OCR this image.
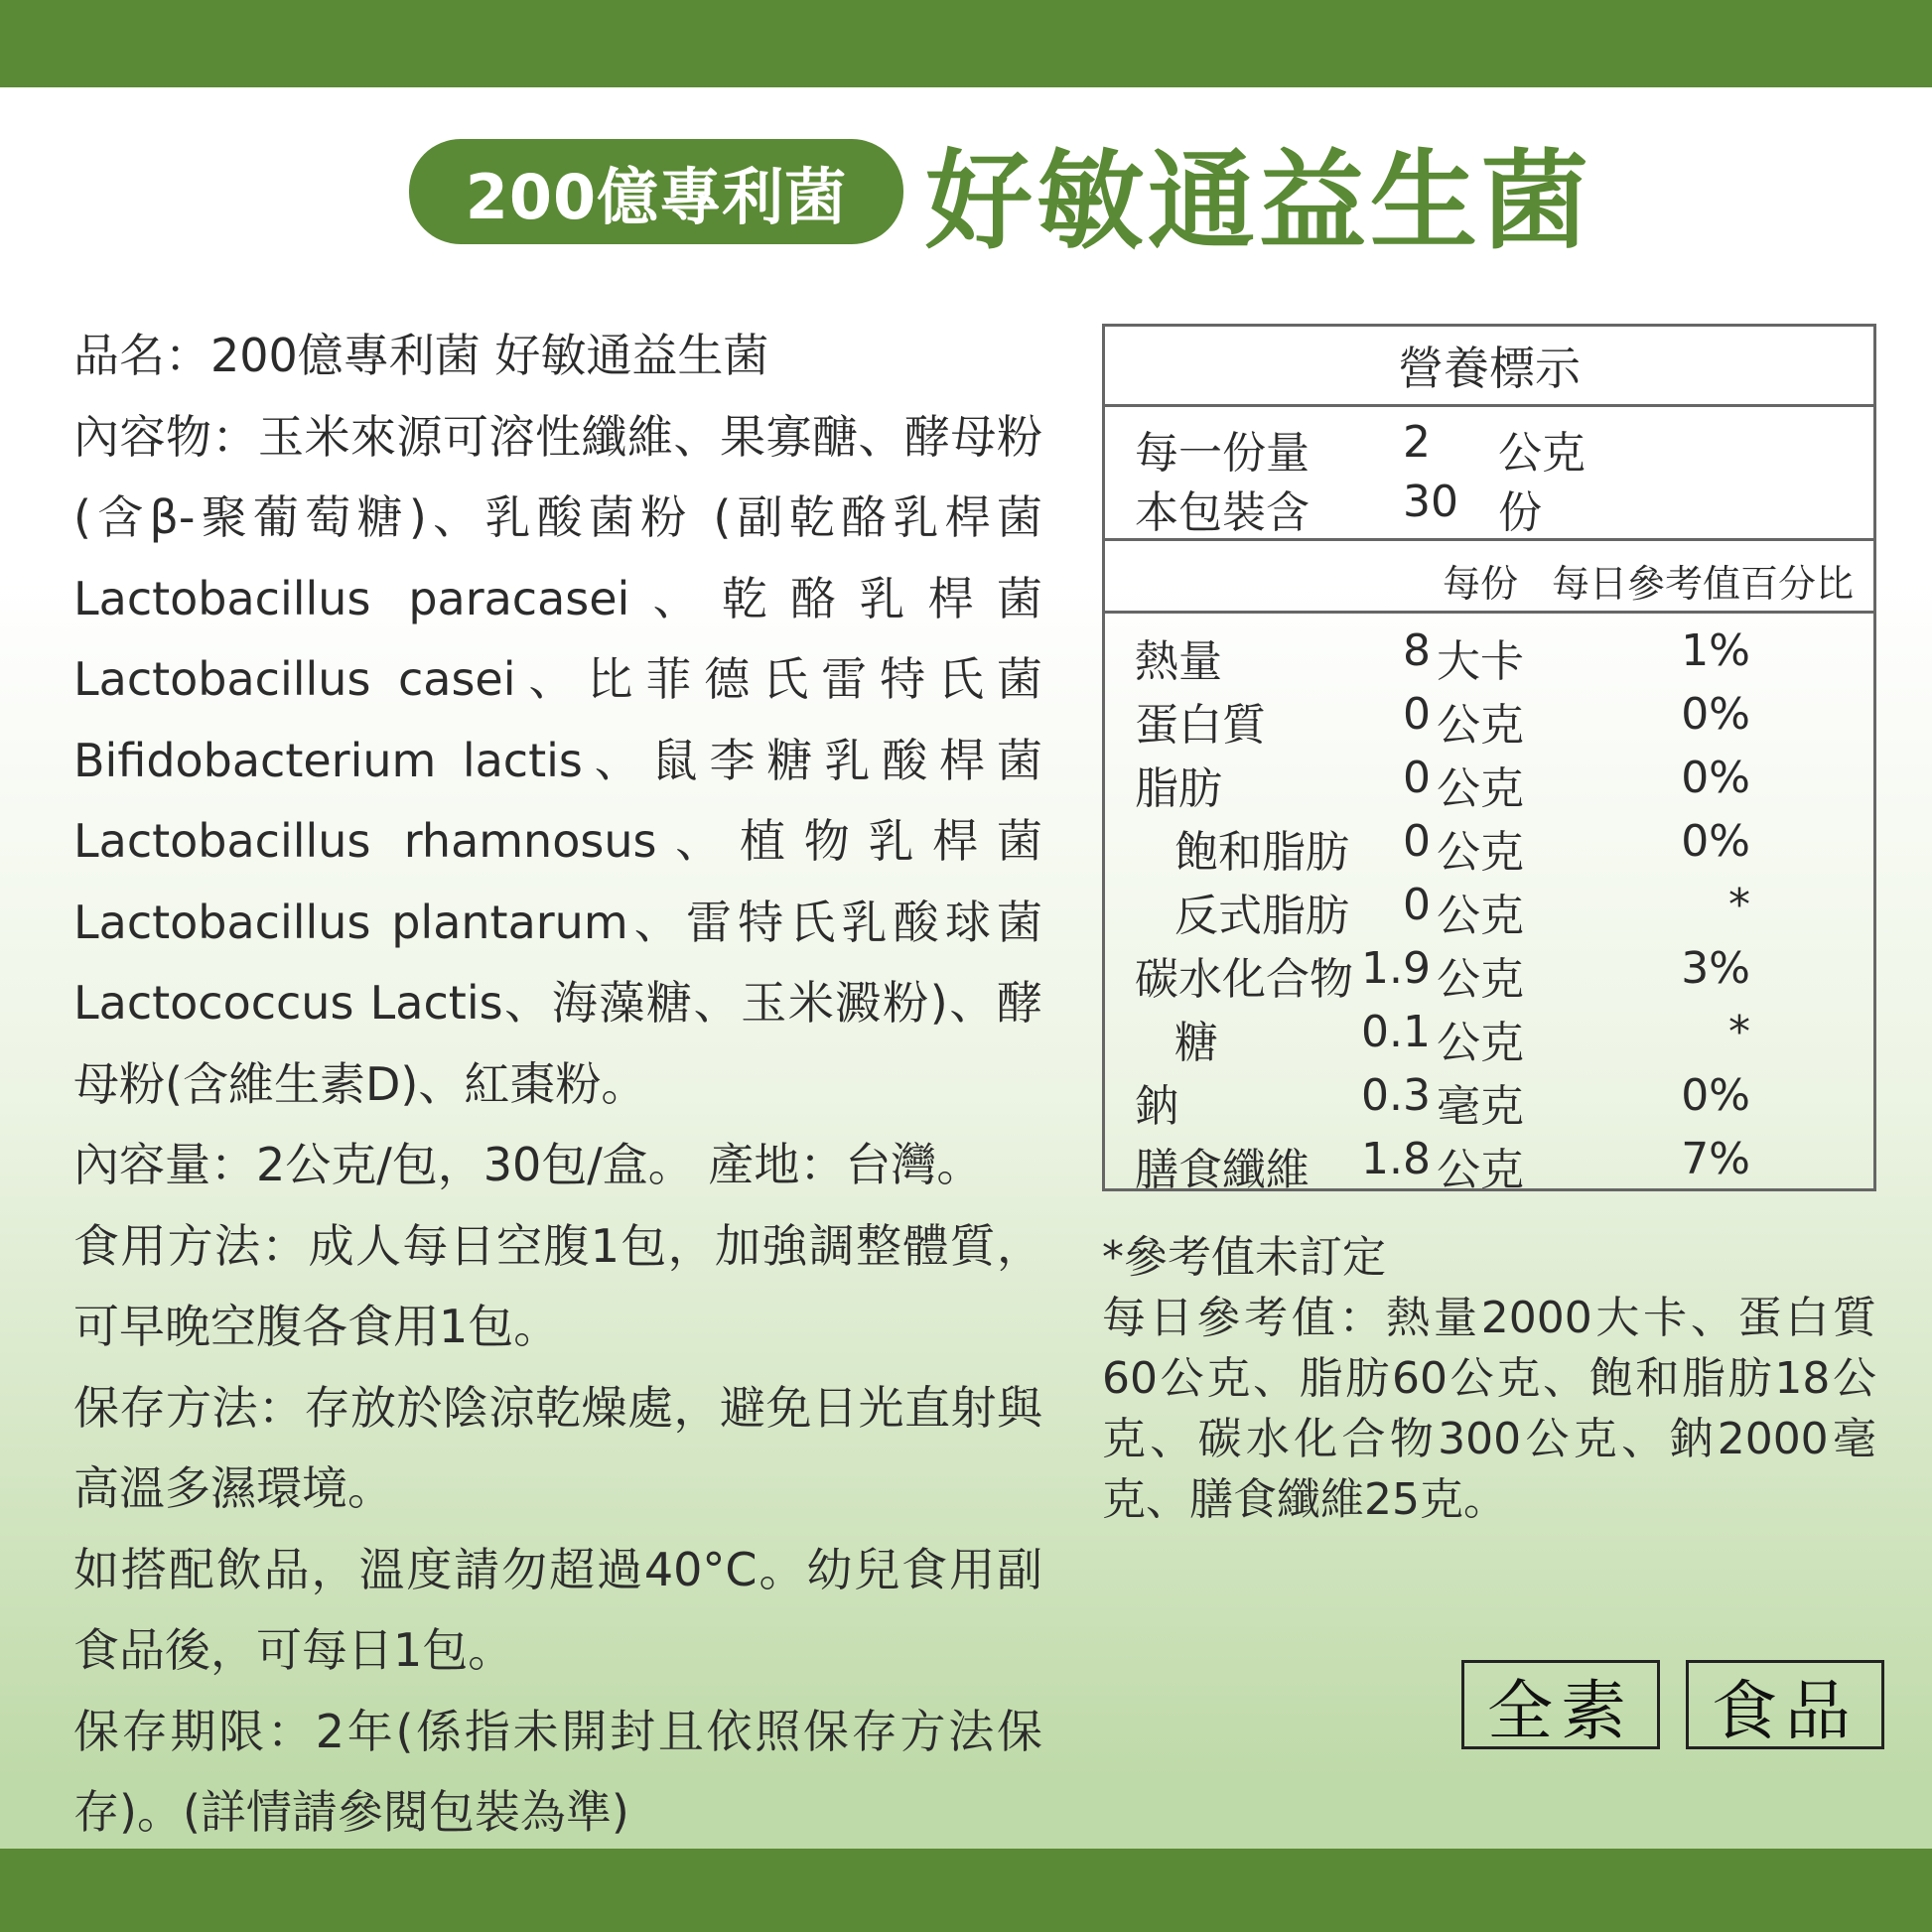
200億專利菌 好敏通益生菌

品名：200億專利菌 好敏通益生菌

內容物：玉米來源可溶性纖維、果寡醣、酵母粉(含β-聚葡萄糖)、乳酸菌粉 (副乾酪乳桿菌Lactobacillus paracasei、乾酪乳桿菌Lactobacillus casei、比菲德氏雷特氏菌Bifidobacterium lactis、鼠李糖乳酸桿菌Lactobacillus rhamnosus、植物乳桿菌Lactobacillus plantarum、雷特氏乳酸球菌Lactococcus Lactis、海藻糖、玉米澱粉)、酵母粉(含維生素D)、紅棗粉。

內容量：2公克/包，30包/盒。 產地：台灣。

食用方法：成人每日空腹1包，加強調整體質，可早晚空腹各食用1包。

保存方法：存放於陰涼乾燥處，避免日光直射與高溫多濕環境。

如搭配飲品，溫度請勿超過40°C。幼兒食用副食品後，可每日1包。

保存期限：2年(係指未開封且依照保存方法保存)。(詳情請參閱包裝為準)

營養標示
每一份量 2 公克
本包裝含 30 份
每份 每日參考值百分比
熱量	8 大卡	1%
蛋白質	0 公克	0%
脂肪	0 公克	0%
飽和脂肪	0 公克	0%
反式脂肪	0 公克	*
碳水化合物 1.9 公克	3%
糖	0.1 公克	*
鈉	0.3 毫克	0%
膳食纖維	1.8 公克	7%

*參考值未訂定

每日參考值：熱量2000大卡、蛋白質60公克、脂肪60公克、飽和脂肪18公克、碳水化合物300公克、鈉2000毫克、膳食纖維25克。

全素	食品
